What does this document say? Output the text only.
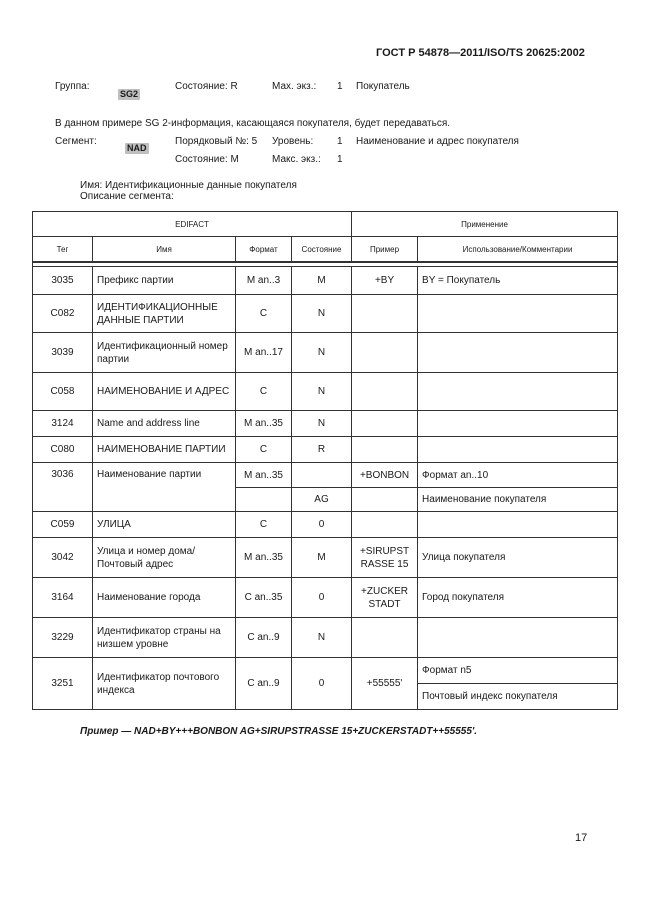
ГОСТ Р 54878—2011/ISO/TS 20625:2002
Группа:
SG2
Состояние: R	Мах. экз.: 1 Покупатель
В данном примере SG 2-информация, касающаяся покупателя, будет передаваться.
Сегмент:
NAD
Порядковый №: 5 Уровень: 1 Наименование и адрес покупателя
Состояние: М	Макс. экз.: 1
Имя: Идентификационные данные покупателя
Описание сегмента:
EDIFACT				Применение	
Тег	Имя	Формат	Состояние	Пример	Использование/Комментарии

3035	Префикс партии	M an..3	M	+BY	BY = Покупатель
C082	ИДЕНТИФИКАЦИОННЫЕ ДАННЫЕ ПАРТИИ	C	N		
3039	Идентификационный номер партии	M an..17	N		
C058	НАИМЕНОВАНИЕ И АДРЕС	C	N		
3124	Name and address line	M an..35	N		
C080	НАИМЕНОВАНИЕ ПАРТИИ	C	R		
3036	Наименование партии	M an..35		+BONBON	Формат an..10
			AG		Наименование покупателя
C059	УЛИЦА	C	0		
3042	Улица и номер дома/ Почтовый адрес	M an..35	M	+SIRUPST RASSE 15	Улица покупателя
3164	Наименование города	C an..35	0	+ZUCKER STADT	Город покупателя
3229	Идентификатор страны на низшем уровне	C an..9	N		
3251	Идентификатор почтового индекса	C an..9	0	+55555'	Формат n5
					Почтовый индекс покупателя
Пример — NAD+BY+++BONBON AG+SIRUPSTRASSE 15+ZUCKERSTADT++55555'.
17
